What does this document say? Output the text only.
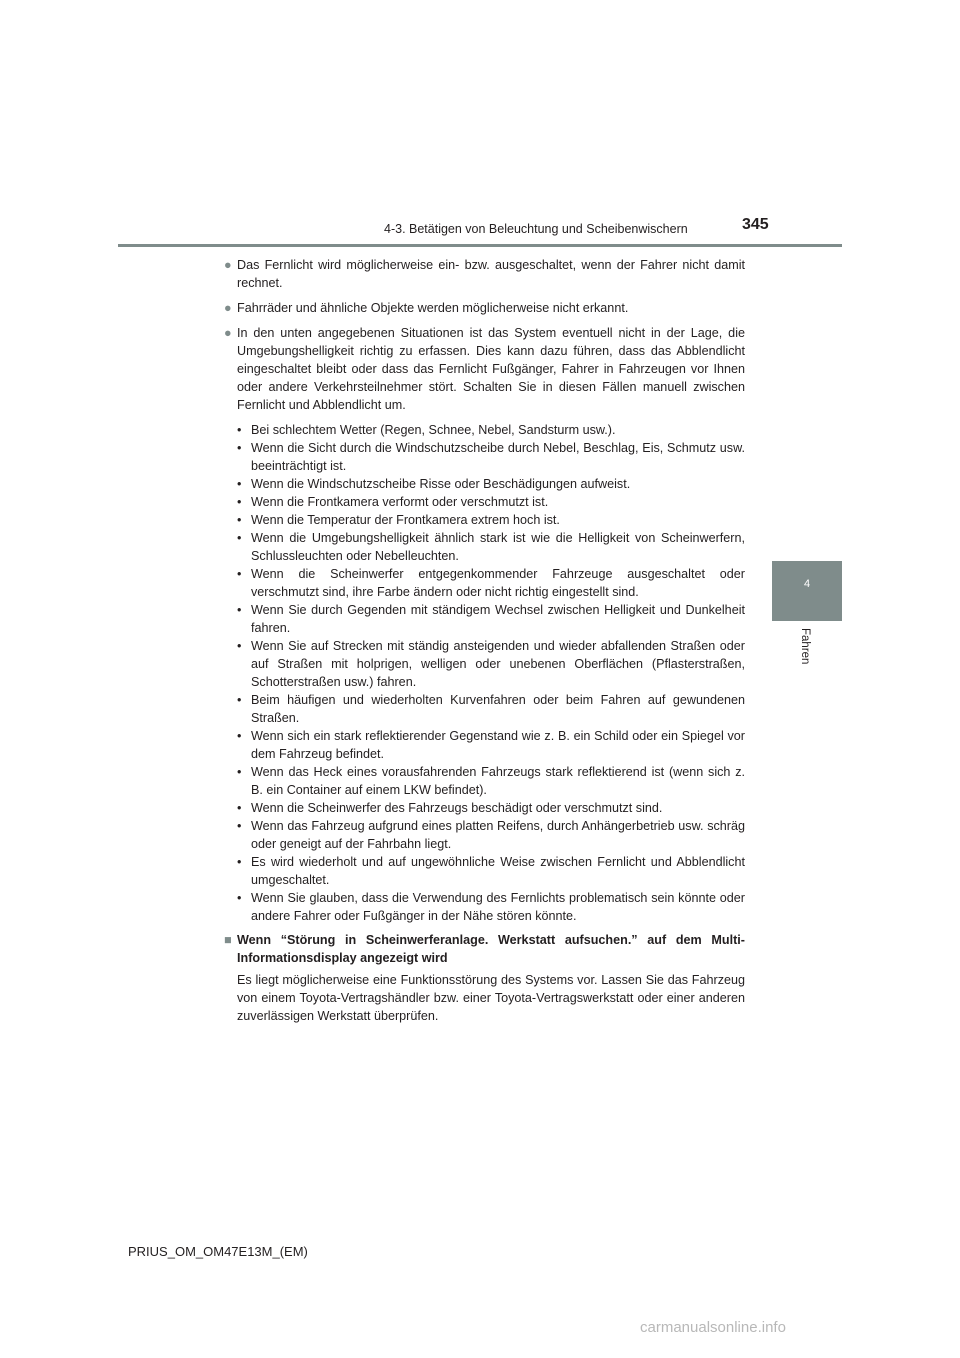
4-3. Betätigen von Beleuchtung und Scheibenwischern	345
4
Fahren
● Das Fernlicht wird möglicherweise ein- bzw. ausgeschaltet, wenn der Fahrer nicht damit rechnet.
● Fahrräder und ähnliche Objekte werden möglicherweise nicht erkannt.
● In den unten angegebenen Situationen ist das System eventuell nicht in der Lage, die Umgebungshelligkeit richtig zu erfassen. Dies kann dazu führen, dass das Abblendlicht eingeschaltet bleibt oder dass das Fernlicht Fußgänger, Fahrer in Fahrzeugen vor Ihnen oder andere Verkehrsteilnehmer stört. Schalten Sie in diesen Fällen manuell zwischen Fernlicht und Abblendlicht um.
• Bei schlechtem Wetter (Regen, Schnee, Nebel, Sandsturm usw.).
• Wenn die Sicht durch die Windschutzscheibe durch Nebel, Beschlag, Eis, Schmutz usw. beeinträchtigt ist.
• Wenn die Windschutzscheibe Risse oder Beschädigungen aufweist.
• Wenn die Frontkamera verformt oder verschmutzt ist.
• Wenn die Temperatur der Frontkamera extrem hoch ist.
• Wenn die Umgebungshelligkeit ähnlich stark ist wie die Helligkeit von Scheinwerfern, Schlussleuchten oder Nebelleuchten.
• Wenn die Scheinwerfer entgegenkommender Fahrzeuge ausgeschaltet oder verschmutzt sind, ihre Farbe ändern oder nicht richtig eingestellt sind.
• Wenn Sie durch Gegenden mit ständigem Wechsel zwischen Helligkeit und Dunkelheit fahren.
• Wenn Sie auf Strecken mit ständig ansteigenden und wieder abfallenden Straßen oder auf Straßen mit holprigen, welligen oder unebenen Oberflächen (Pflasterstraßen, Schotterstraßen usw.) fahren.
• Beim häufigen und wiederholten Kurvenfahren oder beim Fahren auf gewundenen Straßen.
• Wenn sich ein stark reflektierender Gegenstand wie z. B. ein Schild oder ein Spiegel vor dem Fahrzeug befindet.
• Wenn das Heck eines vorausfahrenden Fahrzeugs stark reflektierend ist (wenn sich z. B. ein Container auf einem LKW befindet).
• Wenn die Scheinwerfer des Fahrzeugs beschädigt oder verschmutzt sind.
• Wenn das Fahrzeug aufgrund eines platten Reifens, durch Anhängerbetrieb usw. schräg oder geneigt auf der Fahrbahn liegt.
• Es wird wiederholt und auf ungewöhnliche Weise zwischen Fernlicht und Abblendlicht umgeschaltet.
• Wenn Sie glauben, dass die Verwendung des Fernlichts problematisch sein könnte oder andere Fahrer oder Fußgänger in der Nähe stören könnte.
■ Wenn “Störung in Scheinwerferanlage. Werkstatt aufsuchen.” auf dem Multi-Informationsdisplay angezeigt wird
Es liegt möglicherweise eine Funktionsstörung des Systems vor. Lassen Sie das Fahrzeug von einem Toyota-Vertragshändler bzw. einer Toyota-Vertragswerkstatt oder einer anderen zuverlässigen Werkstatt überprüfen.
PRIUS_OM_OM47E13M_(EM)
carmanualsonline.info
